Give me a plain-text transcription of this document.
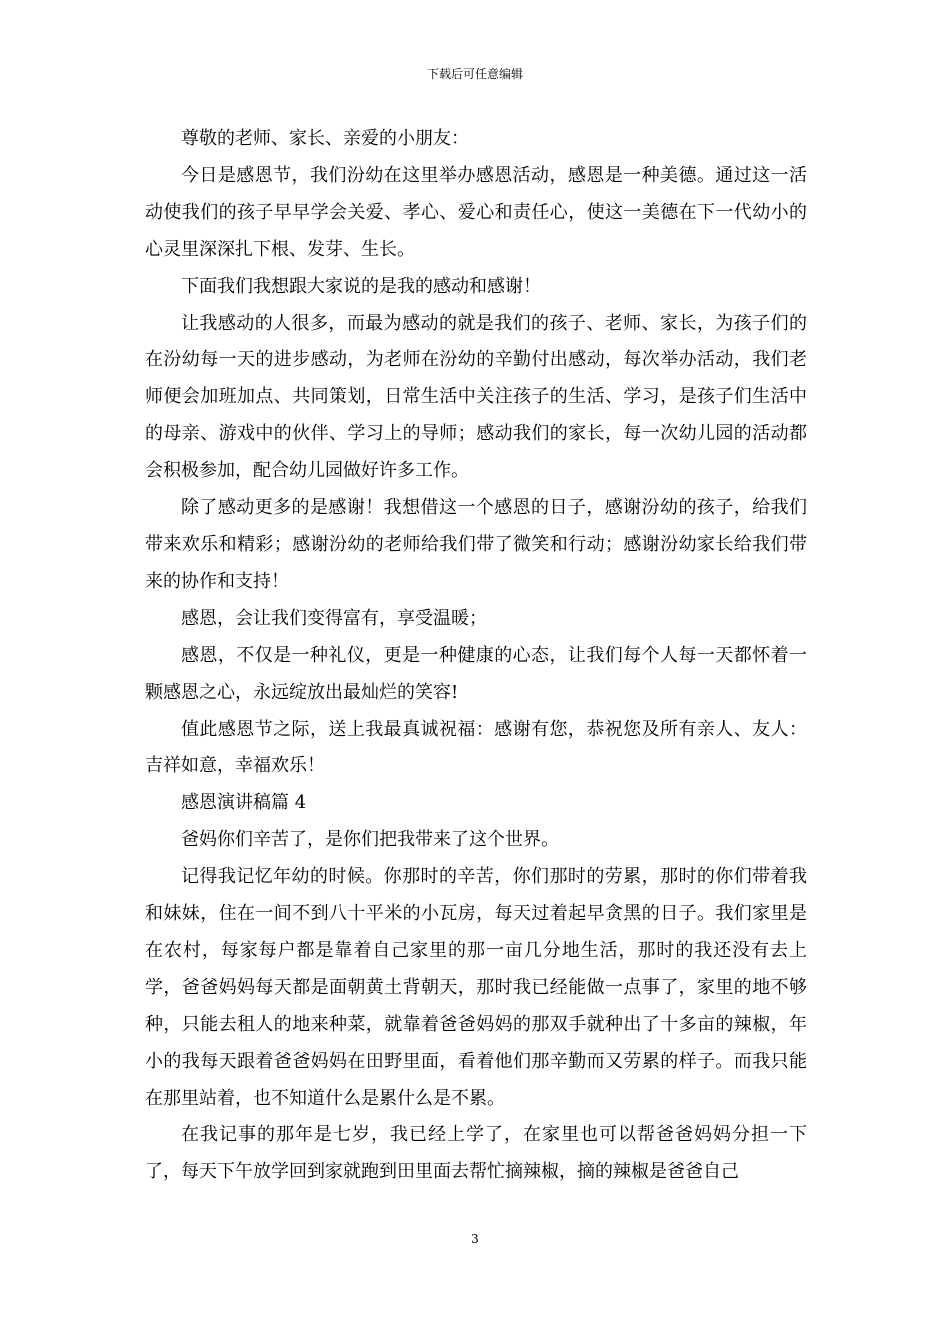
下载后可任意编辑

尊敬的老师、家长、亲爱的小朋友：

今日是感恩节，我们汾幼在这里举办感恩活动，感恩是一种美德。通过这一活动使我们的孩子早早学会关爱、孝心、爱心和责任心，使这一美德在下一代幼小的心灵里深深扎下根、发芽、生长。

下面我们我想跟大家说的是我的感动和感谢！

让我感动的人很多，而最为感动的就是我们的孩子、老师、家长，为孩子们的在汾幼每一天的进步感动，为老师在汾幼的辛勤付出感动，每次举办活动，我们老师便会加班加点、共同策划，日常生活中关注孩子的生活、学习，是孩子们生活中的母亲、游戏中的伙伴、学习上的导师；感动我们的家长，每一次幼儿园的活动都会积极参加，配合幼儿园做好许多工作。

除了感动更多的是感谢！我想借这一个感恩的日子，感谢汾幼的孩子，给我们带来欢乐和精彩；感谢汾幼的老师给我们带了微笑和行动；感谢汾幼家长给我们带来的协作和支持！

感恩，会让我们变得富有，享受温暖；

感恩，不仅是一种礼仪，更是一种健康的心态，让我们每个人每一天都怀着一颗感恩之心，永远绽放出最灿烂的笑容!

值此感恩节之际，送上我最真诚祝福：感谢有您，恭祝您及所有亲人、友人：吉祥如意，幸福欢乐！

感恩演讲稿篇 4

爸妈你们辛苦了，是你们把我带来了这个世界。

记得我记忆年幼的时候。你那时的辛苦，你们那时的劳累，那时的你们带着我和妹妹，住在一间不到八十平米的小瓦房，每天过着起早贪黑的日子。我们家里是在农村，每家每户都是靠着自己家里的那一亩几分地生活，那时的我还没有去上学，爸爸妈妈每天都是面朝黄土背朝天，那时我已经能做一点事了，家里的地不够种，只能去租人的地来种菜，就靠着爸爸妈妈的那双手就种出了十多亩的辣椒，年小的我每天跟着爸爸妈妈在田野里面，看着他们那辛勤而又劳累的样子。而我只能在那里站着，也不知道什么是累什么是不累。

在我记事的那年是七岁，我已经上学了，在家里也可以帮爸爸妈妈分担一下了，每天下午放学回到家就跑到田里面去帮忙摘辣椒，摘的辣椒是爸爸自己

3
